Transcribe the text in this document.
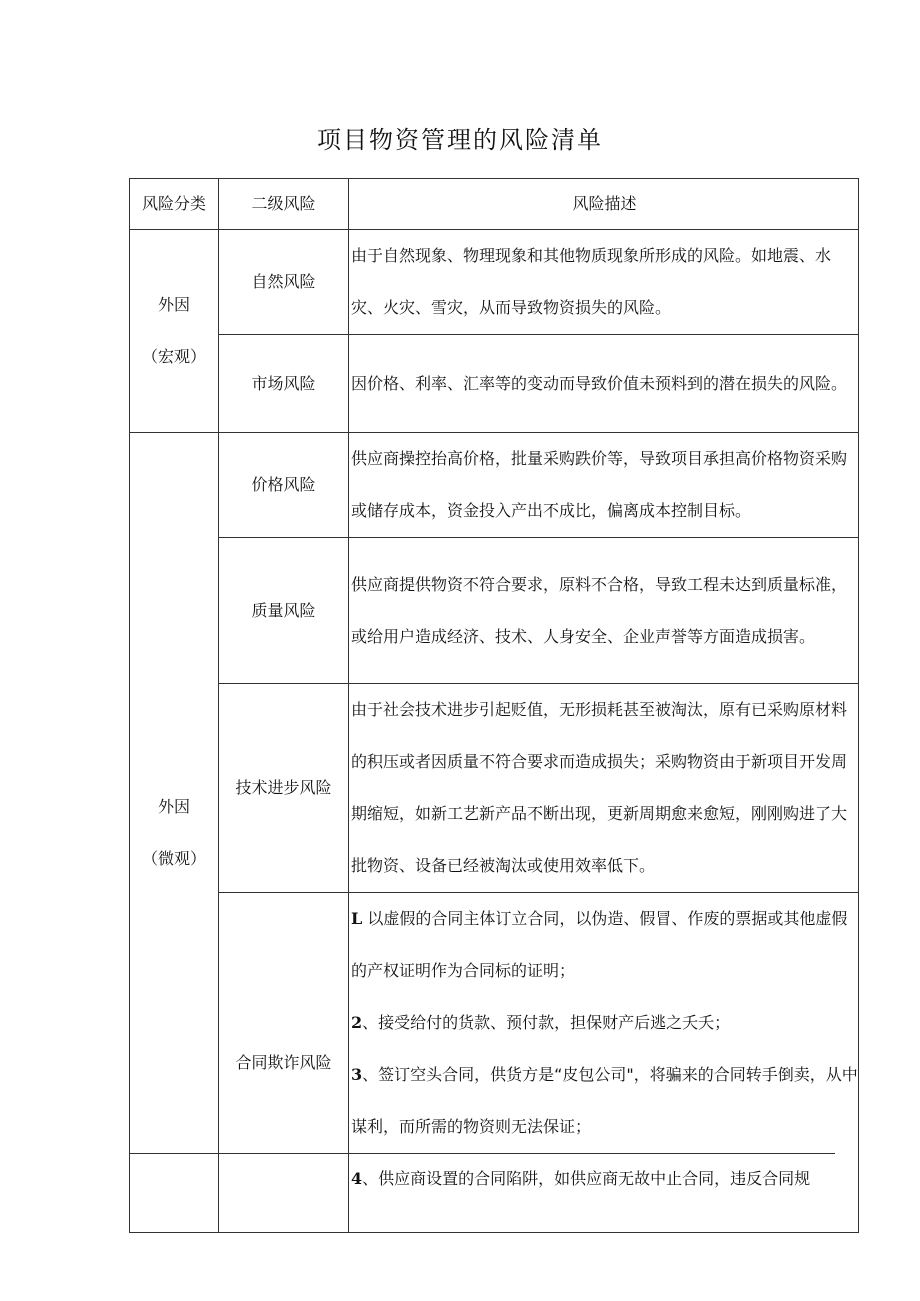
项目物资管理的风险清单
风险分类	二级风险	风险描述

外因
（宏观）	自然风险	由于自然现象、物理现象和其他物质现象所形成的风险。如地震、水灾、火灾、雪灾，从而导致物资损失的风险。
	市场风险	因价格、利率、汇率等的变动而导致价值未预料到的潜在损失的风险。

外因
（微观）	价格风险	供应商操控抬高价格，批量采购跌价等，导致项目承担高价格物资采购或储存成本，资金投入产出不成比，偏离成本控制目标。
	质量风险	供应商提供物资不符合要求，原料不合格，导致工程未达到质量标准，或给用户造成经济、技术、人身安全、企业声誉等方面造成损害。
	技术进步风险	由于社会技术进步引起贬值，无形损耗甚至被淘汰，原有已采购原材料的积压或者因质量不符合要求而造成损失；采购物资由于新项目开发周期缩短，如新工艺新产品不断出现，更新周期愈来愈短，刚刚购进了大批物资、设备已经被淘汰或使用效率低下。
	合同欺诈风险	L 以虚假的合同主体订立合同，以伪造、假冒、作废的票据或其他虚假的产权证明作为合同标的证明；
2、接受给付的货款、预付款，担保财产后逃之夭夭；
3、签订空头合同，供货方是“皮包公司"，将骗来的合同转手倒卖，从中谋利，而所需的物资则无法保证；
4、供应商设置的合同陷阱，如供应商无故中止合同，违反合同规
